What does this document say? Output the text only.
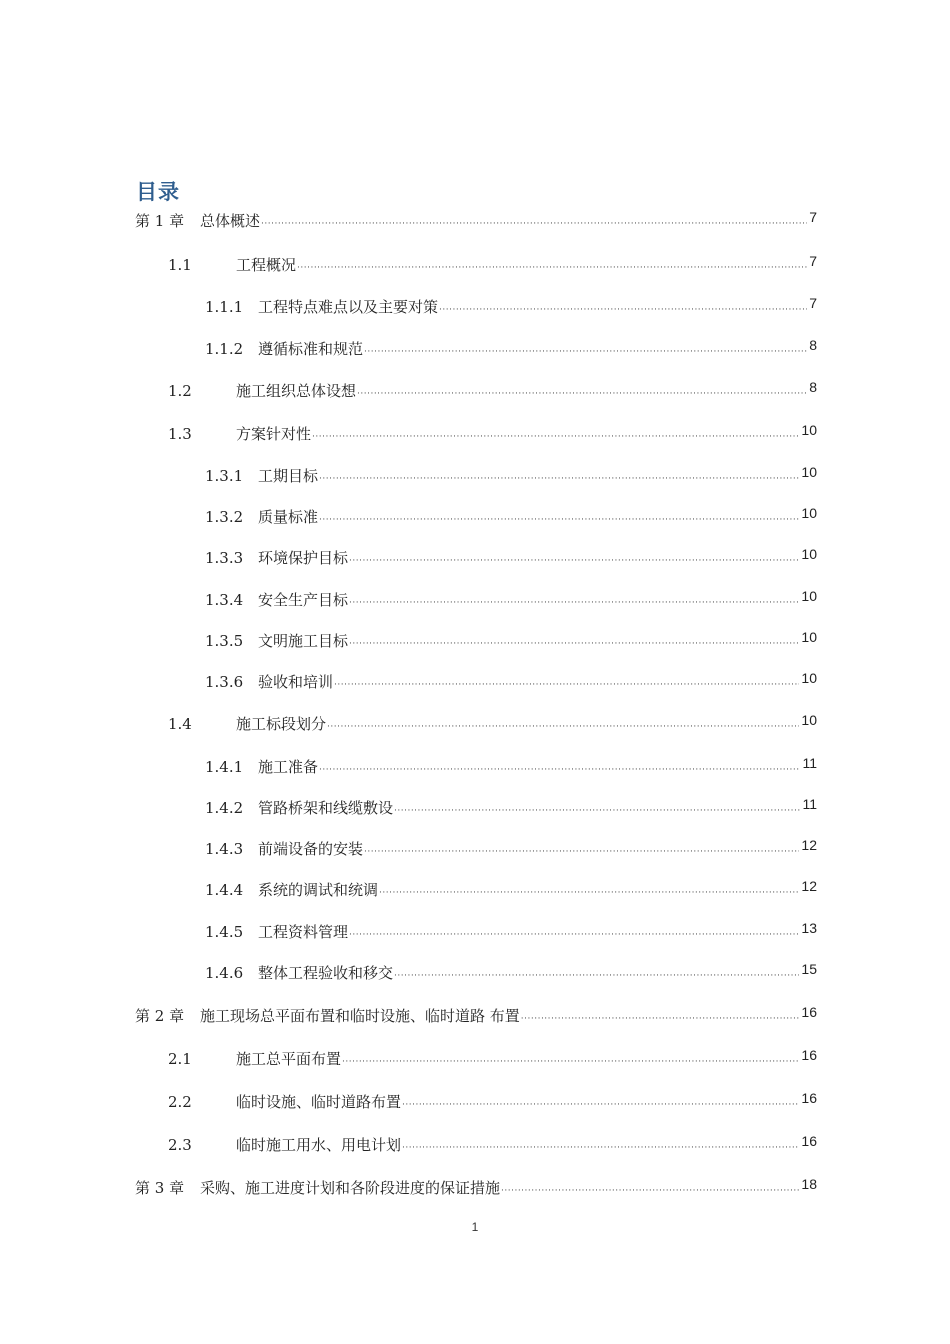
目录
第 1 章	总体概述 ·····	7
1.1	工程概况 ·····	7
1.1.1 工程特点难点以及主要对策 ·····	7
1.1.2 遵循标准和规范 ·····	8
1.2	施工组织总体设想 ·····	8
1.3	方案针对性 ·····	10
1.3.1 工期目标 ·····	10
1.3.2 质量标准 ·····	10
1.3.3 环境保护目标 ·····	10
1.3.4 安全生产目标 ·····	10
1.3.5 文明施工目标 ·····	10
1.3.6 验收和培训 ·····	10
1.4	施工标段划分 ·····	10
1.4.1 施工准备 ·····	11
1.4.2 管路桥架和线缆敷设 ·····	11
1.4.3 前端设备的安装 ·····	12
1.4.4 系统的调试和统调 ·····	12
1.4.5 工程资料管理 ·····	13
1.4.6 整体工程验收和移交 ·····	15
第 2 章	施工现场总平面布置和临时设施、临时道路 布置 ·····	16
2.1	施工总平面布置 ·····	16
2.2	临时设施、临时道路布置 ·····	16
2.3	临时施工用水、用电计划 ·····	16
第 3 章	采购、施工进度计划和各阶段进度的保证措施 ·····	18
1
